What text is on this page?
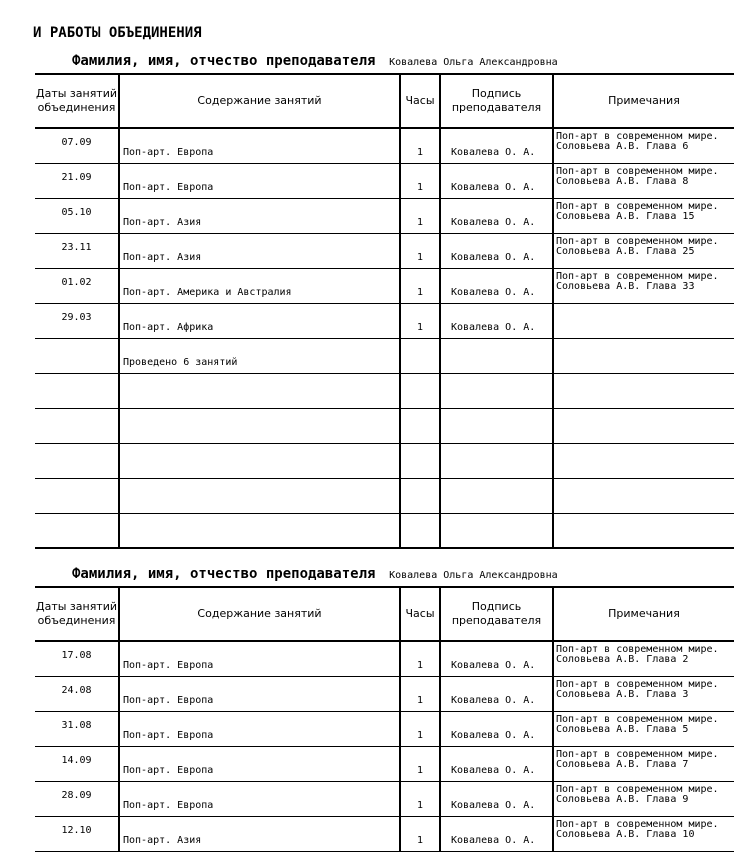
И РАБОТЫ ОБЪЕДИНЕНИЯ
Фамилия, имя, отчество преподавателя Ковалева Ольга Александровна
Даты занятий
объединения	Содержание занятий	Часы	Подпись
преподавателя	Примечания
07.09	Поп-арт. Европа	1	Ковалева О. А.	Поп-арт в современном мире.
Соловьева А.В. Глава 6

21.09	Поп-арт. Европа	1	Ковалева О. А.	Поп-арт в современном мире.
Соловьева А.В. Глава 8

05.10	Поп-арт. Азия	1	Ковалева О. А.	Поп-арт в современном мире.
Соловьева А.В. Глава 15

23.11	Поп-арт. Азия	1	Ковалева О. А.	Поп-арт в современном мире.
Соловьева А.В. Глава 25

01.02	Поп-арт. Америка и Австралия	1	Ковалева О. А.	Поп-арт в современном мире.
Соловьева А.В. Глава 33

29.03	Поп-арт. Африка	1	Ковалева О. А.	

	Проведено 6 занятий			

Фамилия, имя, отчество преподавателя Ковалева Ольга Александровна
Даты занятий
объединения	Содержание занятий	Часы	Подпись
преподавателя	Примечания
17.08	Поп-арт. Европа	1	Ковалева О. А.	Поп-арт в современном мире.
Соловьева А.В. Глава 2

24.08	Поп-арт. Европа	1	Ковалева О. А.	Поп-арт в современном мире.
Соловьева А.В. Глава 3

31.08	Поп-арт. Европа	1	Ковалева О. А.	Поп-арт в современном мире.
Соловьева А.В. Глава 5

14.09	Поп-арт. Европа	1	Ковалева О. А.	Поп-арт в современном мире.
Соловьева А.В. Глава 7

28.09	Поп-арт. Европа	1	Ковалева О. А.	Поп-арт в современном мире.
Соловьева А.В. Глава 9

12.10	Поп-арт. Азия	1	Ковалева О. А.	Поп-арт в современном мире.
Соловьева А.В. Глава 10
